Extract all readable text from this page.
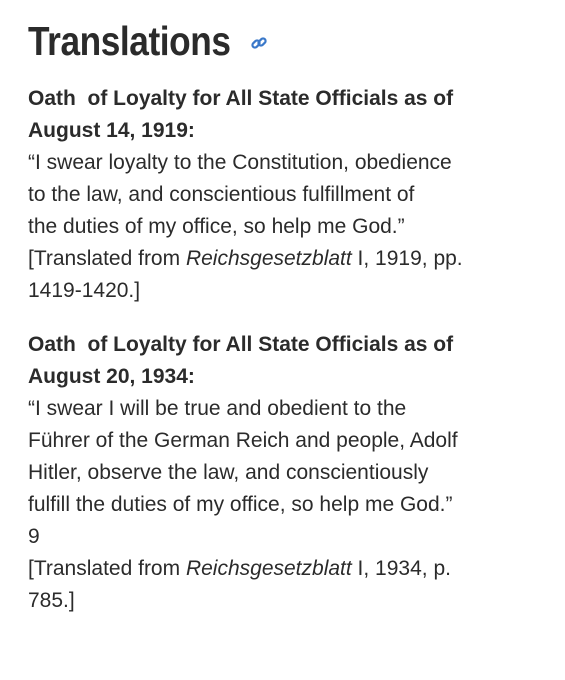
Translations

Oath  of Loyalty for All State Officials as of
August 14, 1919:

“I swear loyalty to the Constitution, obedience
to the law, and conscientious fulfillment of
the duties of my office, so help me God.”

[Translated from Reichsgesetzblatt I, 1919, pp.
1419-1420.]

Oath  of Loyalty for All State Officials as of
August 20, 1934:

“I swear I will be true and obedient to the
Führer of the German Reich and people, Adolf
Hitler, observe the law, and conscientiously
fulfill the duties of my office, so help me God.”
9

[Translated from Reichsgesetzblatt I, 1934, p.
785.]
